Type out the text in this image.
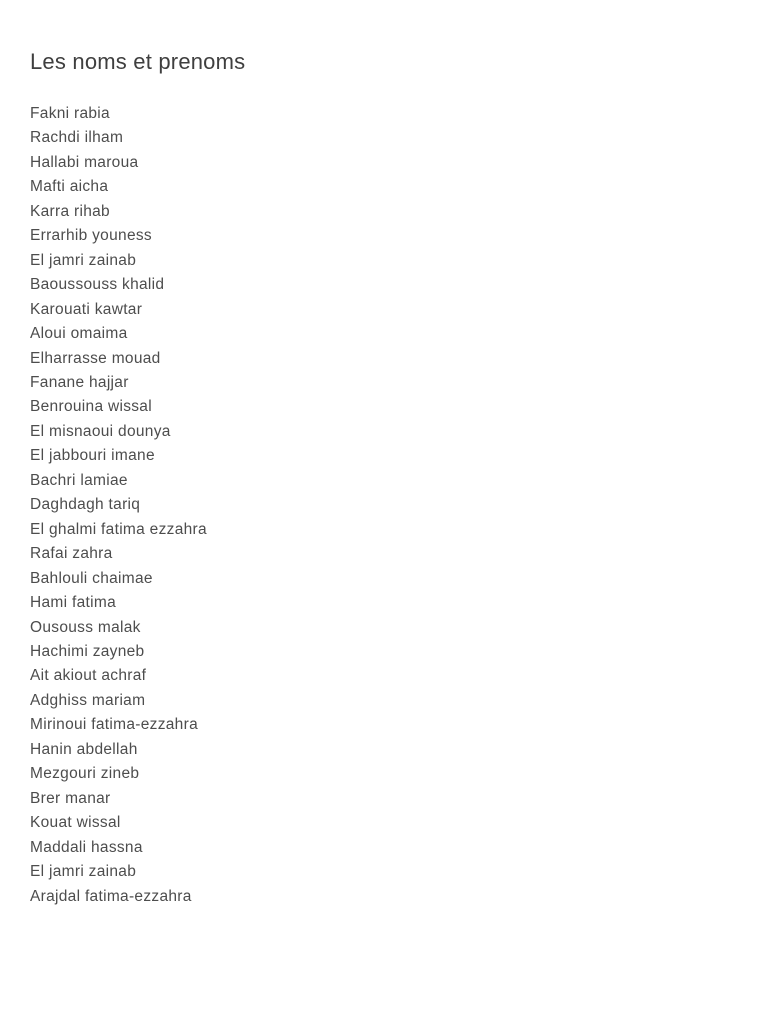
Les noms et prenoms
Fakni rabia
Rachdi ilham
Hallabi maroua
Mafti aicha
Karra rihab
Errarhib youness
El jamri zainab
Baoussouss khalid
Karouati kawtar
Aloui omaima
Elharrasse mouad
Fanane hajjar
Benrouina wissal
El misnaoui dounya
El jabbouri imane
Bachri lamiae
Daghdagh tariq
El ghalmi fatima ezzahra
Rafai zahra
Bahlouli chaimae
Hami fatima
Ousouss malak
Hachimi zayneb
Ait akiout achraf
Adghiss mariam
Mirinoui fatima-ezzahra
Hanin abdellah
Mezgouri zineb
Brer manar
Kouat wissal
Maddali hassna
El jamri zainab
Arajdal fatima-ezzahra
